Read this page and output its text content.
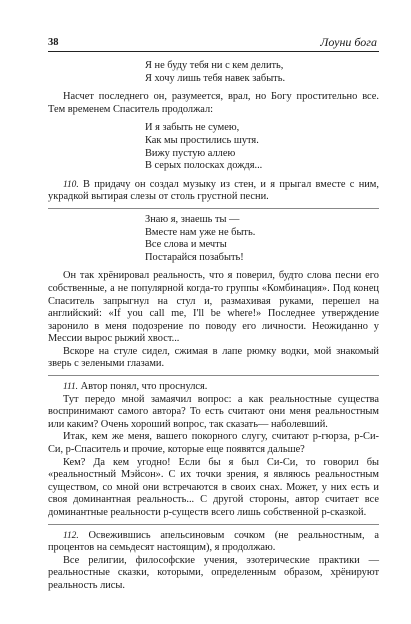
38	Лоуни бога
Я не буду тебя ни с кем делить,
Я хочу лишь тебя навек забыть.

Насчет последнего он, разумеется, врал, но Богу простительно все. Тем временем Спаситель продолжал:

И я забыть не сумею,
Как мы простились шутя.
Вижу пустую аллею
В серых полосках дождя...

110. В придачу он создал музыку из стен, и я прыгал вместе с ним, украдкой вытирая слезы от столь грустной песни.

Знаю я, знаешь ты —
Вместе нам уже не быть.
Все слова и мечты
Постарайся позабыть!

Он так хрёнировал реальность, что я поверил, будто слова песни его собственные, а не популярной когда-то группы «Комбинация». Под конец Спаситель запрыгнул на стул и, размахивая руками, перешел на английский: «If you call me, I'll be where!» Последнее утверждение заронило в меня подозрение по поводу его личности. Неожиданно у Мессии вырос рыжий хвост...

Вскоре на стуле сидел, сжимая в лапе рюмку водки, мой знакомый зверь с зелеными глазами.

111. Автор понял, что проснулся.

Тут передо мной замаячил вопрос: а как реальностные существа воспринимают самого автора? То есть считают они меня реальностным или каким? Очень хороший вопрос, так сказать— наболевший.

Итак, кем же меня, вашего покорного слугу, считают р-гюрза, р-Си-Си, р-Спаситель и прочие, которые еще появятся дальше?

Кем? Да кем угодно! Если бы я был Си-Си, то говорил бы «реальностный Мэйсон». С их точки зрения, я являюсь реальностным существом, со мной они встречаются в своих снах. Может, у них есть и своя доминантная реальность... С другой стороны, автор считает все доминантные реальности р-существ всего лишь собственной р-сказкой.

112. Освежившись апельсиновым сочком (не реальностным, а процентов на семьдесят настоящим), я продолжаю.

Все религии, философские учения, эзотерические практики — реальностные сказки, которыми, определенным образом, хрёнируют реальность лисы.
